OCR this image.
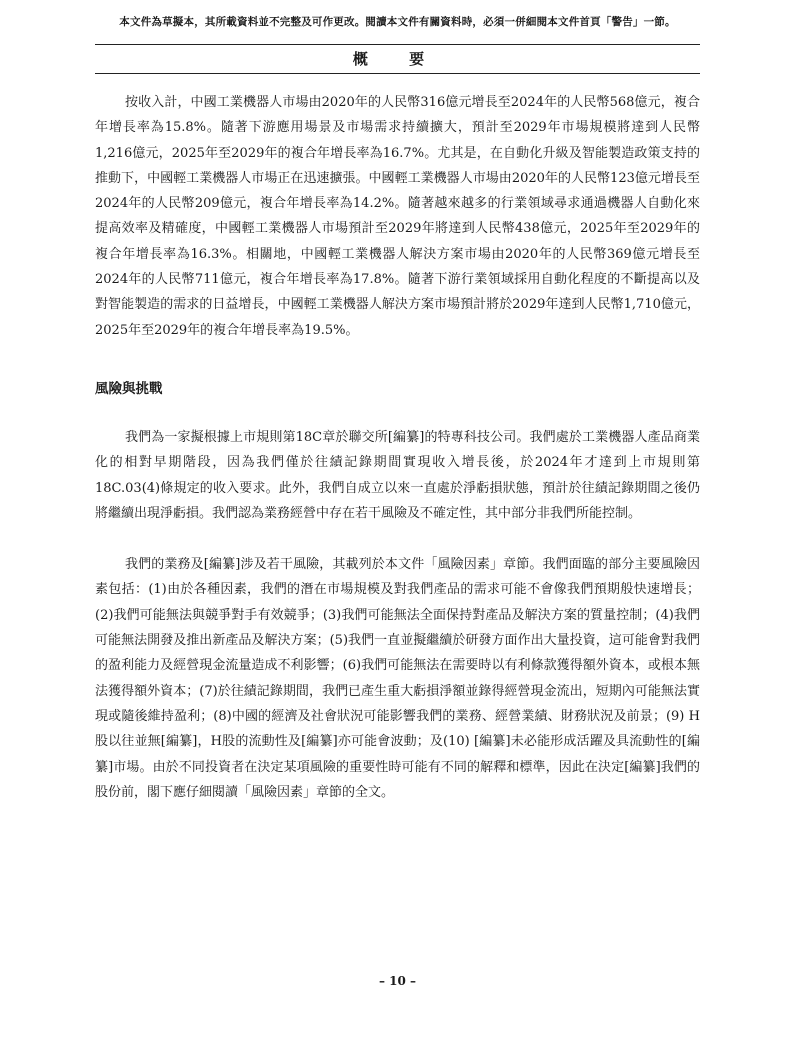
本文件為草擬本，其所載資料並不完整及可作更改。閱讀本文件有關資料時，必須一併細閱本文件首頁「警告」一節。
概 要

按收入計，中國工業機器人市場由2020年的人民幣316億元增長至2024年的人民幣568億元，複合年增長率為15.8%。隨著下游應用場景及市場需求持續擴大，預計至2029年市場規模將達到人民幣1,216億元，2025年至2029年的複合年增長率為16.7%。尤其是，在自動化升級及智能製造政策支持的推動下，中國輕工業機器人市場正在迅速擴張。中國輕工業機器人市場由2020年的人民幣123億元增長至2024年的人民幣209億元，複合年增長率為14.2%。隨著越來越多的行業領域尋求通過機器人自動化來提高效率及精確度，中國輕工業機器人市場預計至2029年將達到人民幣438億元，2025年至2029年的複合年增長率為16.3%。相關地，中國輕工業機器人解決方案市場由2020年的人民幣369億元增長至2024年的人民幣711億元，複合年增長率為17.8%。隨著下游行業領域採用自動化程度的不斷提高以及對智能製造的需求的日益增長，中國輕工業機器人解決方案市場預計將於2029年達到人民幣1,710億元，2025年至2029年的複合年增長率為19.5%。

風險與挑戰

我們為一家擬根據上市規則第18C章於聯交所[編纂]的特專科技公司。我們處於工業機器人產品商業化的相對早期階段，因為我們僅於往績記錄期間實現收入增長後，於2024年才達到上市規則第18C.03(4)條規定的收入要求。此外，我們自成立以來一直處於淨虧損狀態，預計於往績記錄期間之後仍將繼續出現淨虧損。我們認為業務經營中存在若干風險及不確定性，其中部分非我們所能控制。

我們的業務及[編纂]涉及若干風險，其載列於本文件「風險因素」章節。我們面臨的部分主要風險因素包括：(1)由於各種因素，我們的潛在市場規模及對我們產品的需求可能不會像我們預期般快速增長；(2)我們可能無法與競爭對手有效競爭；(3)我們可能無法全面保持對產品及解決方案的質量控制；(4)我們可能無法開發及推出新產品及解決方案；(5)我們一直並擬繼續於研發方面作出大量投資，這可能會對我們的盈利能力及經營現金流量造成不利影響；(6)我們可能無法在需要時以有利條款獲得額外資本，或根本無法獲得額外資本；(7)於往績記錄期間，我們已產生重大虧損淨額並錄得經營現金流出，短期內可能無法實現或隨後維持盈利；(8)中國的經濟及社會狀況可能影響我們的業務、經營業績、財務狀況及前景；(9) H股以往並無[編纂]，H股的流動性及[編纂]亦可能會波動；及(10) [編纂]未必能形成活躍及具流動性的[編纂]市場。由於不同投資者在決定某項風險的重要性時可能有不同的解釋和標準，因此在決定[編纂]我們的股份前，閣下應仔細閱讀「風險因素」章節的全文。

– 10 –
